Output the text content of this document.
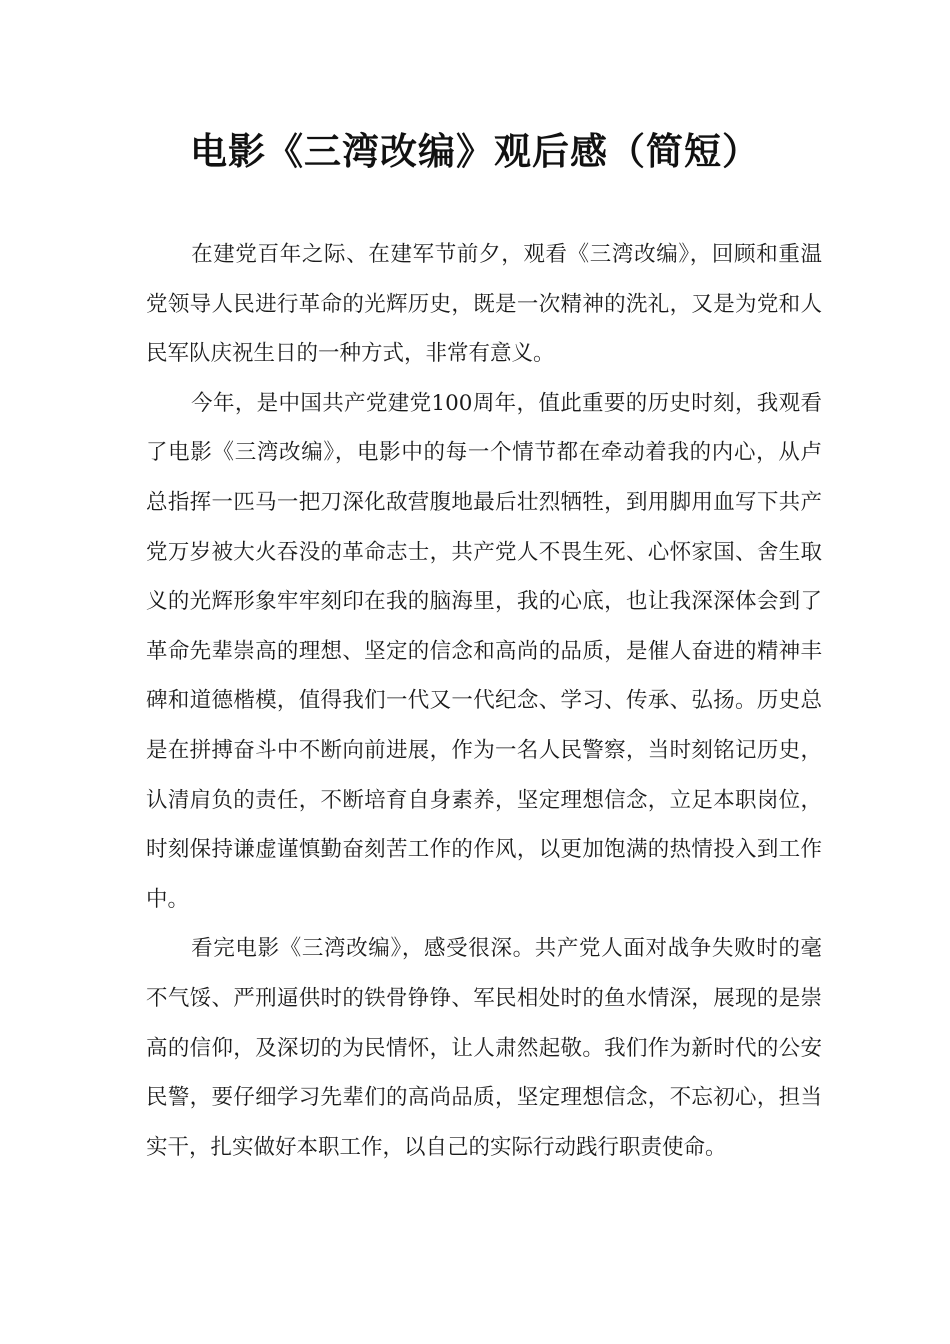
电影《三湾改编》观后感（简短）

在建党百年之际、在建军节前夕，观看《三湾改编》，回顾和重温党领导人民进行革命的光辉历史，既是一次精神的洗礼，又是为党和人民军队庆祝生日的一种方式，非常有意义。

今年，是中国共产党建党100周年，值此重要的历史时刻，我观看了电影《三湾改编》，电影中的每一个情节都在牵动着我的内心，从卢总指挥一匹马一把刀深化敌营腹地最后壮烈牺牲，到用脚用血写下共产党万岁被大火吞没的革命志士，共产党人不畏生死、心怀家国、舍生取义的光辉形象牢牢刻印在我的脑海里，我的心底，也让我深深体会到了革命先辈崇高的理想、坚定的信念和高尚的品质，是催人奋进的精神丰碑和道德楷模，值得我们一代又一代纪念、学习、传承、弘扬。历史总是在拼搏奋斗中不断向前进展，作为一名人民警察，当时刻铭记历史，认清肩负的责任，不断培育自身素养，坚定理想信念，立足本职岗位，时刻保持谦虚谨慎勤奋刻苦工作的作风，以更加饱满的热情投入到工作中。

看完电影《三湾改编》，感受很深。共产党人面对战争失败时的毫不气馁、严刑逼供时的铁骨铮铮、军民相处时的鱼水情深，展现的是崇高的信仰，及深切的为民情怀，让人肃然起敬。我们作为新时代的公安民警，要仔细学习先辈们的高尚品质，坚定理想信念，不忘初心，担当实干，扎实做好本职工作，以自己的实际行动践行职责使命。
